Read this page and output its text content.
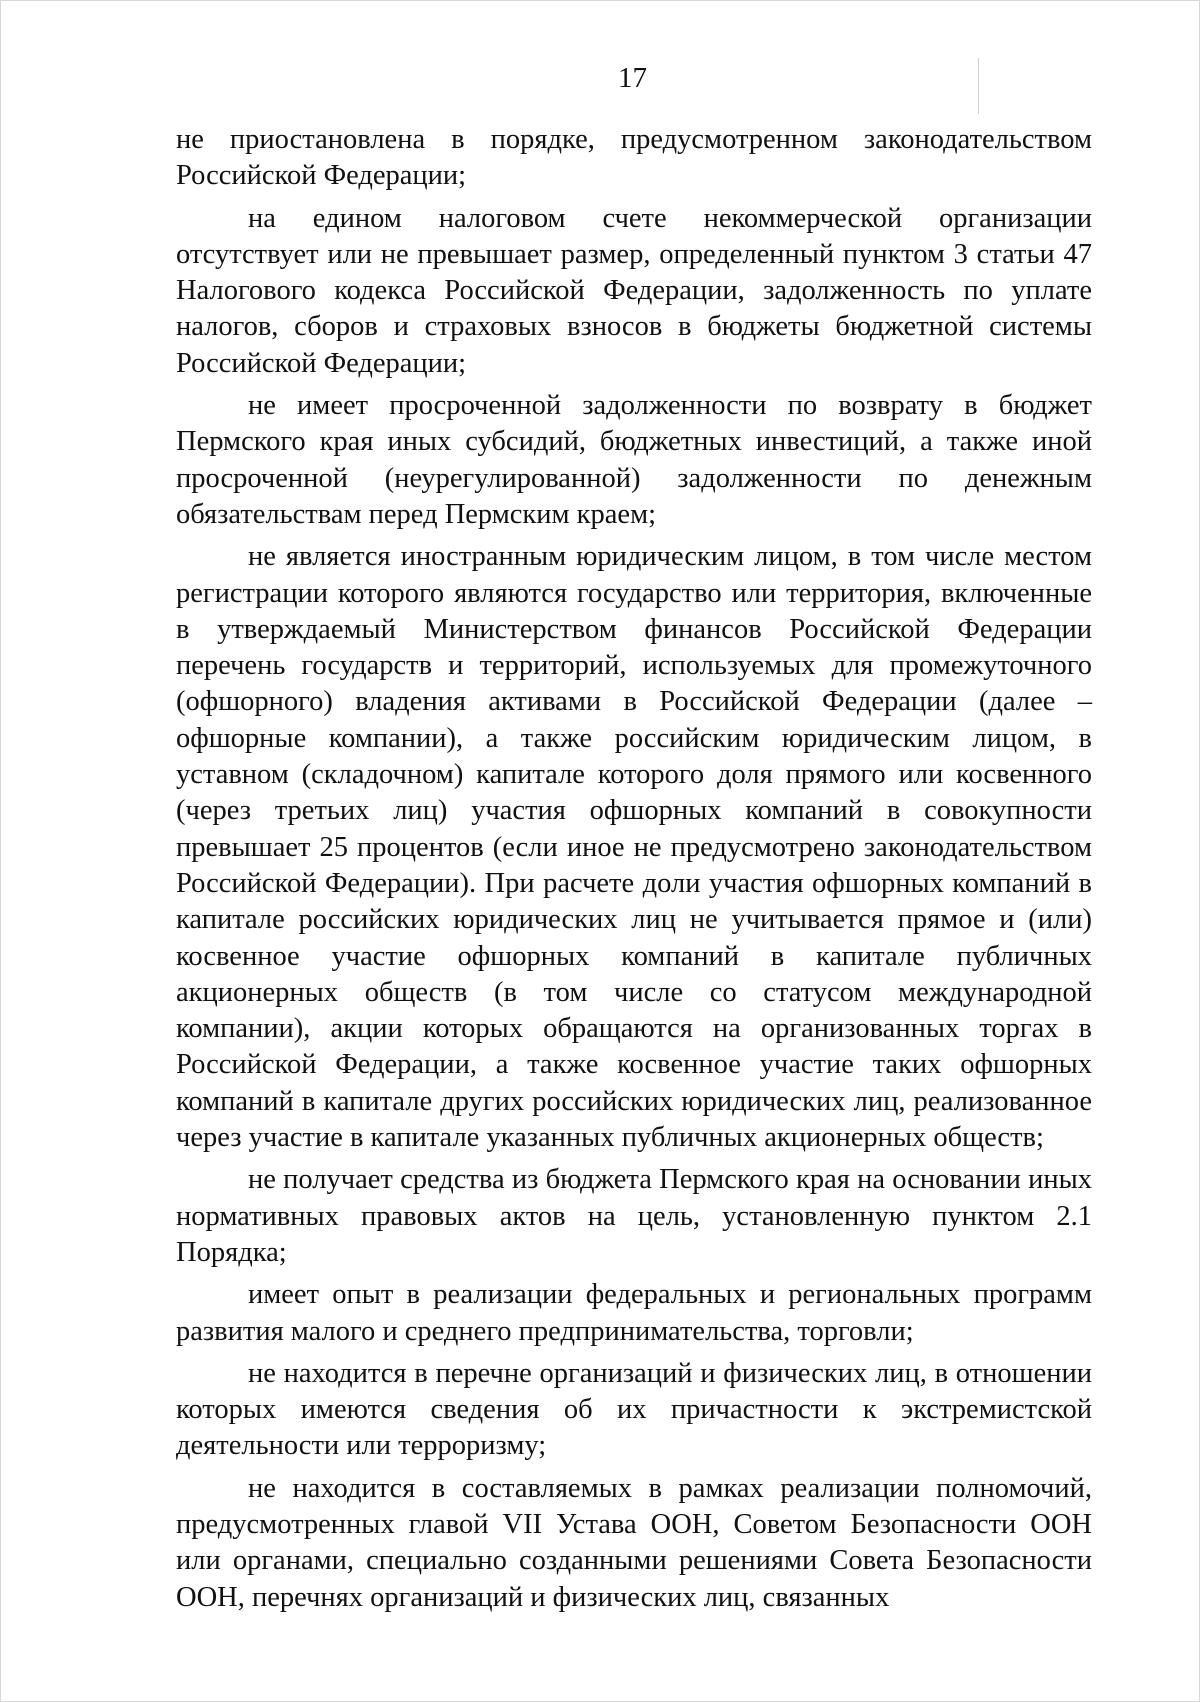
17

не приостановлена в порядке, предусмотренном законодательством Российской Федерации;

на едином налоговом счете некоммерческой организации отсутствует или не превышает размер, определенный пунктом 3 статьи 47 Налогового кодекса Российской Федерации, задолженность по уплате налогов, сборов и страховых взносов в бюджеты бюджетной системы Российской Федерации;

не имеет просроченной задолженности по возврату в бюджет Пермского края иных субсидий, бюджетных инвестиций, а также иной просроченной (неурегулированной) задолженности по денежным обязательствам перед Пермским краем;

не является иностранным юридическим лицом, в том числе местом регистрации которого являются государство или территория, включенные в утверждаемый Министерством финансов Российской Федерации перечень государств и территорий, используемых для промежуточного (офшорного) владения активами в Российской Федерации (далее – офшорные компании), а также российским юридическим лицом, в уставном (складочном) капитале которого доля прямого или косвенного (через третьих лиц) участия офшорных компаний в совокупности превышает 25 процентов (если иное не предусмотрено законодательством Российской Федерации). При расчете доли участия офшорных компаний в капитале российских юридических лиц не учитывается прямое и (или) косвенное участие офшорных компаний в капитале публичных акционерных обществ (в том числе со статусом международной компании), акции которых обращаются на организованных торгах в Российской Федерации, а также косвенное участие таких офшорных компаний в капитале других российских юридических лиц, реализованное через участие в капитале указанных публичных акционерных обществ;

не получает средства из бюджета Пермского края на основании иных нормативных правовых актов на цель, установленную пунктом 2.1 Порядка;

имеет опыт в реализации федеральных и региональных программ развития малого и среднего предпринимательства, торговли;

не находится в перечне организаций и физических лиц, в отношении которых имеются сведения об их причастности к экстремистской деятельности или терроризму;

не находится в составляемых в рамках реализации полномочий, предусмотренных главой VII Устава ООН, Советом Безопасности ООН или органами, специально созданными решениями Совета Безопасности ООН, перечнях организаций и физических лиц, связанных
